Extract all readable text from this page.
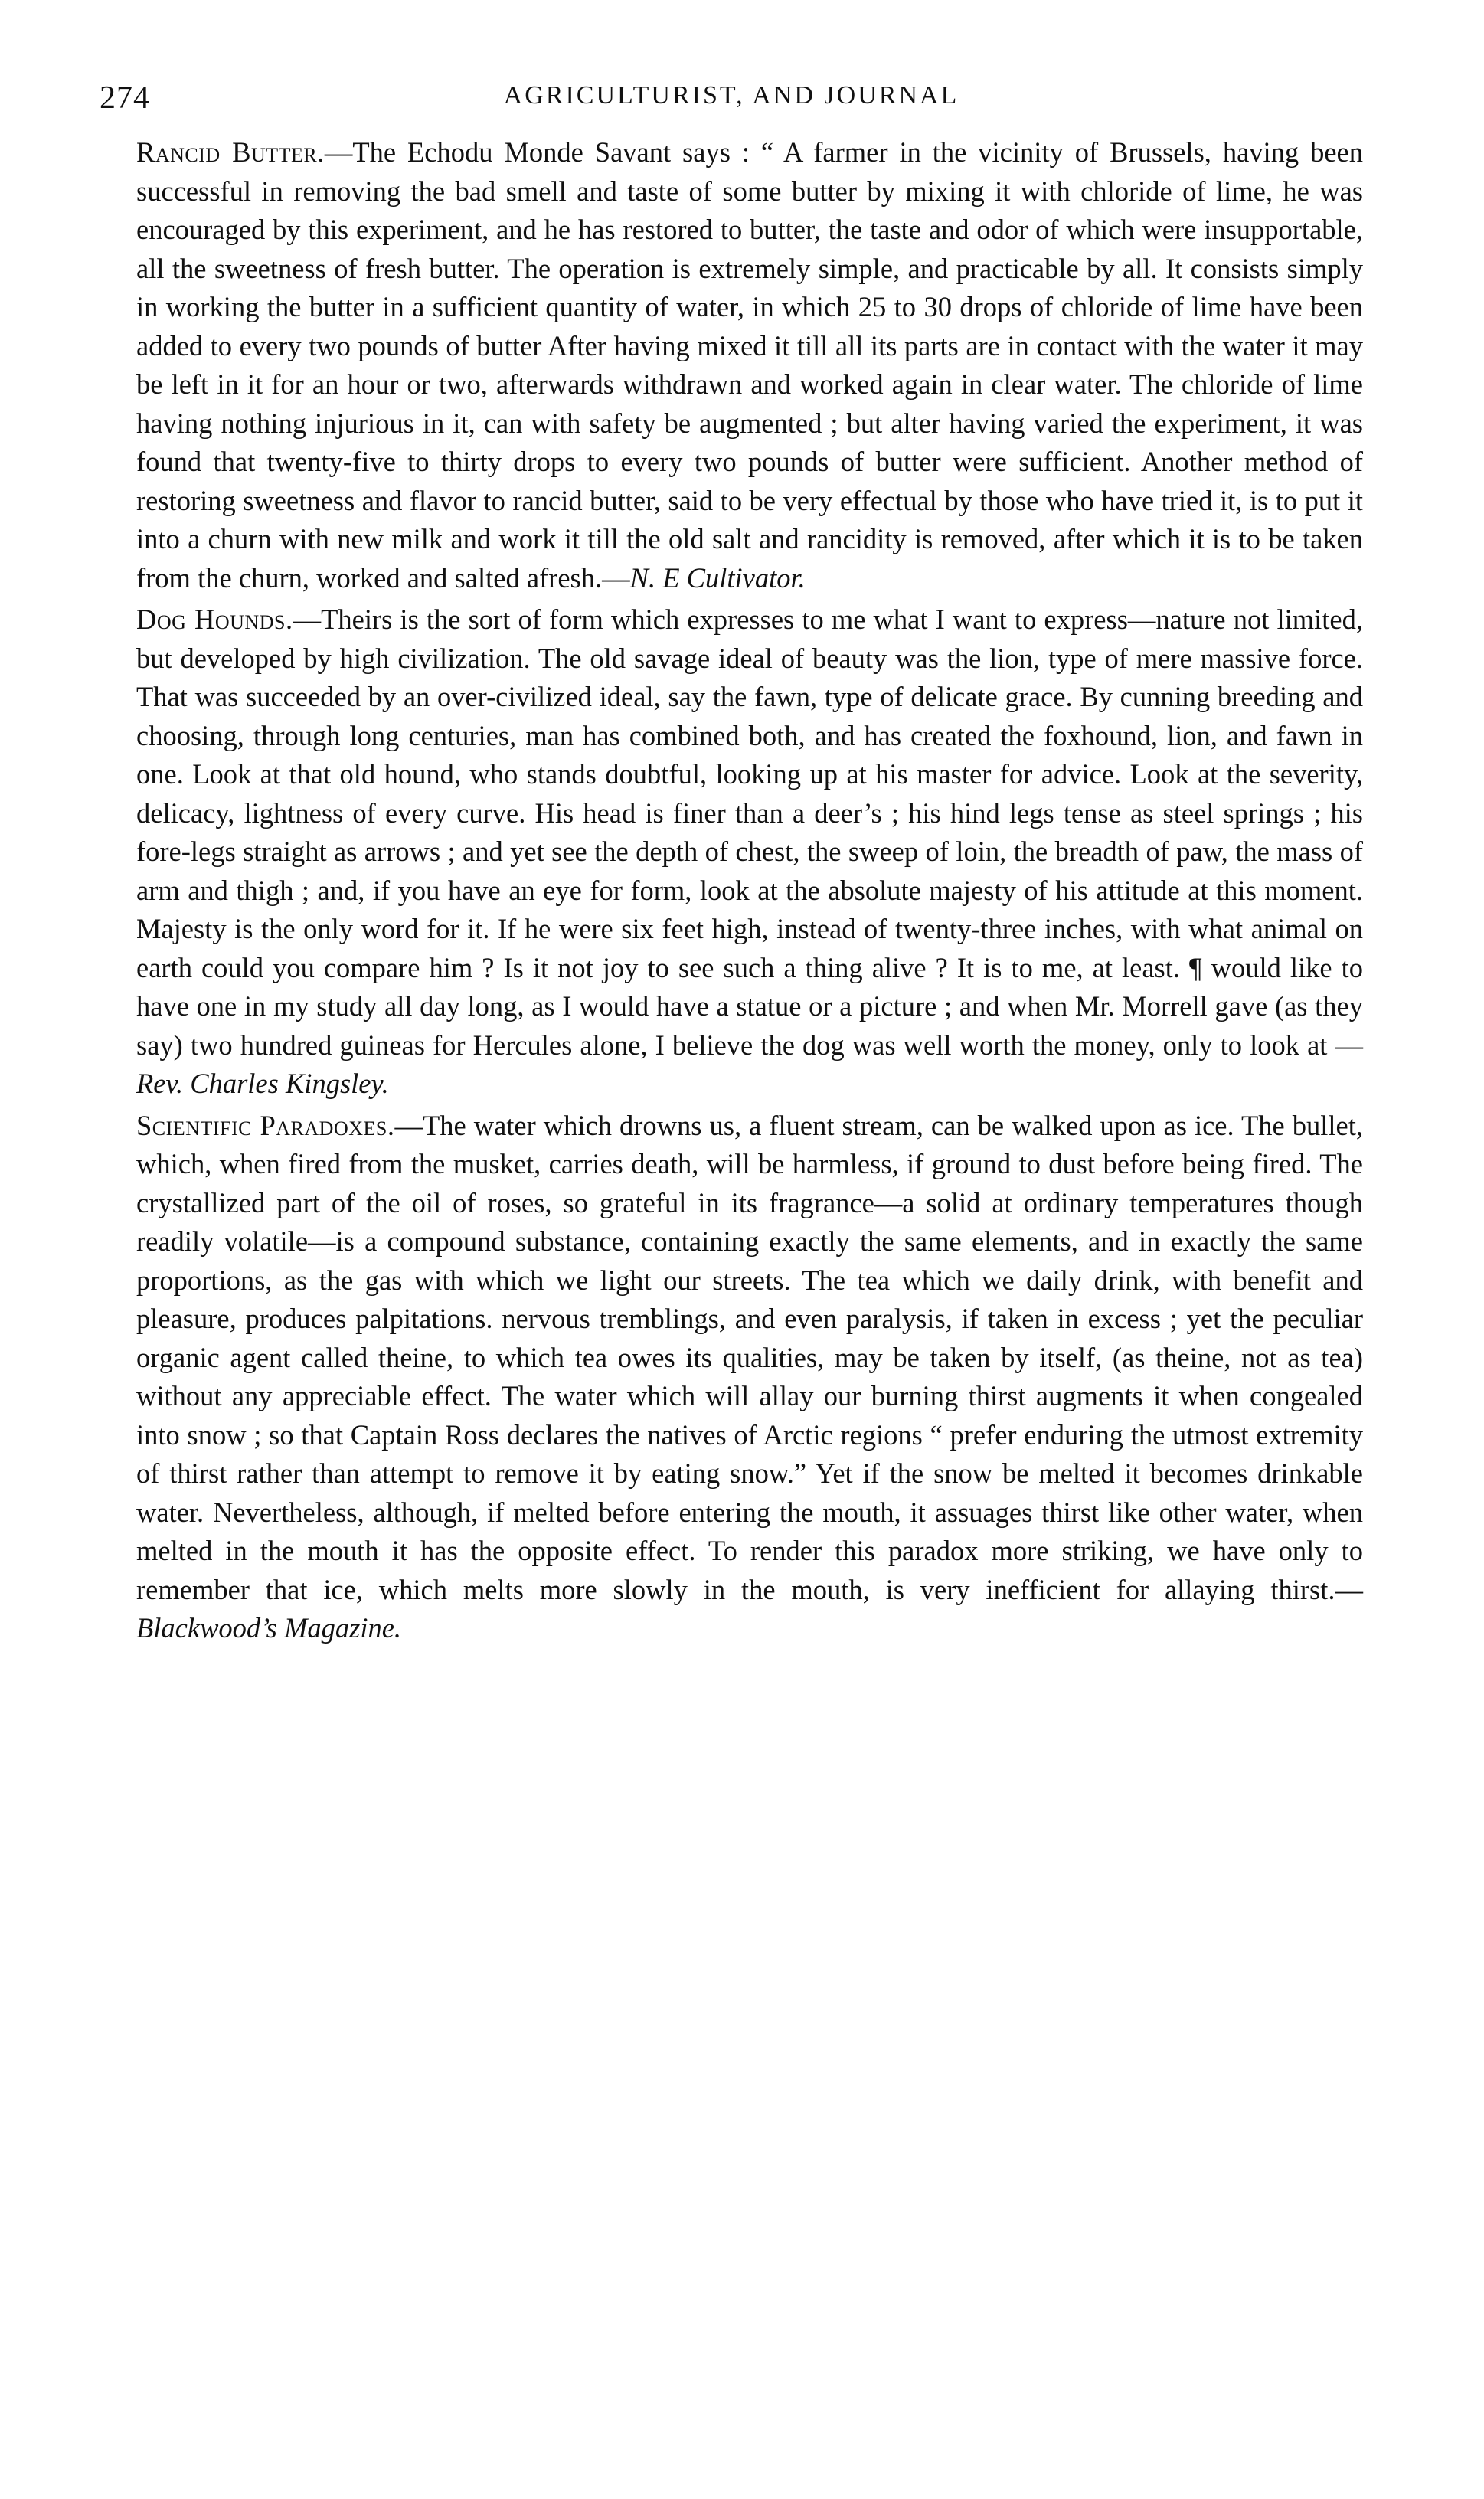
274	AGRICULTURIST, AND JOURNAL

Rancid Butter.—The Echodu Monde Savant says : “ A farmer in the vicinity of Brussels, having been successful in removing the bad smell and taste of some butter by mixing it with chloride of lime, he was encouraged by this experiment, and he has restored to butter, the taste and odor of which were insupportable, all the sweetness of fresh butter. The operation is extremely simple, and practicable by all. It consists simply in working the butter in a sufficient quantity of water, in which 25 to 30 drops of chloride of lime have been added to every two pounds of butter After having mixed it till all its parts are in contact with the water it may be left in it for an hour or two, afterwards withdrawn and worked again in clear water. The chloride of lime having nothing injurious in it, can with safety be augmented ; but alter having varied the experiment, it was found that twenty-five to thirty drops to every two pounds of butter were sufficient. Another method of restoring sweetness and flavor to rancid butter, said to be very effectual by those who have tried it, is to put it into a churn with new milk and work it till the old salt and rancidity is removed, after which it is to be taken from the churn, worked and salted afresh.—N. E Cultivator.

Dog Hounds.—Theirs is the sort of form which expresses to me what I want to express—nature not limited, but developed by high civilization. The old savage ideal of beauty was the lion, type of mere massive force. That was succeeded by an over-civilized ideal, say the fawn, type of delicate grace. By cunning breeding and choosing, through long centuries, man has combined both, and has created the foxhound, lion, and fawn in one. Look at that old hound, who stands doubtful, looking up at his master for advice. Look at the severity, delicacy, lightness of every curve. His head is finer than a deer’s ; his hind legs tense as steel springs ; his fore-legs straight as arrows ; and yet see the depth of chest, the sweep of loin, the breadth of paw, the mass of arm and thigh ; and, if you have an eye for form, look at the absolute majesty of his attitude at this moment. Majesty is the only word for it. If he were six feet high, instead of twenty-three inches, with what animal on earth could you compare him ? Is it not joy to see such a thing alive ? It is to me, at least. ¶ would like to have one in my study all day long, as I would have a statue or a picture ; and when Mr. Morrell gave (as they say) two hundred guineas for Hercules alone, I believe the dog was well worth the money, only to look at —Rev. Charles Kingsley.

Scientific Paradoxes.—The water which drowns us, a fluent stream, can be walked upon as ice. The bullet, which, when fired from the musket, carries death, will be harmless, if ground to dust before being fired. The crystallized part of the oil of roses, so grateful in its fragrance—a solid at ordinary temperatures though readily volatile—is a compound substance, containing exactly the same elements, and in exactly the same proportions, as the gas with which we light our streets. The tea which we daily drink, with benefit and pleasure, produces palpitations. nervous tremblings, and even paralysis, if taken in excess ; yet the peculiar organic agent called theine, to which tea owes its qualities, may be taken by itself, (as theine, not as tea) without any appreciable effect. The water which will allay our burning thirst augments it when congealed into snow ; so that Captain Ross declares the natives of Arctic regions “ prefer enduring the utmost extremity of thirst rather than attempt to remove it by eating snow.” Yet if the snow be melted it becomes drinkable water. Nevertheless, although, if melted before entering the mouth, it assuages thirst like other water, when melted in the mouth it has the opposite effect. To render this paradox more striking, we have only to remember that ice, which melts more slowly in the mouth, is very inefficient for allaying thirst.—Blackwood’s Magazine.
